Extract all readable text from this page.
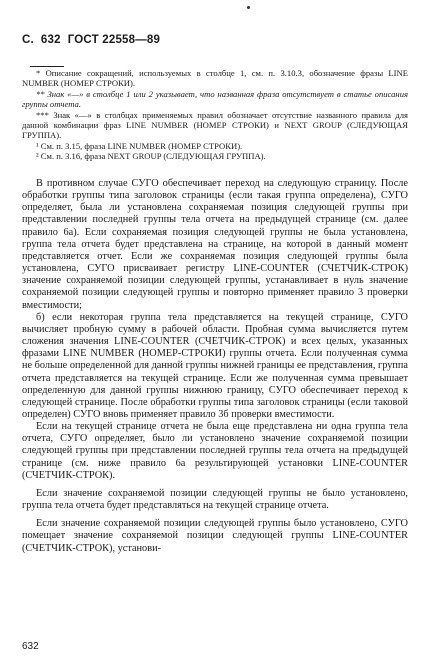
С. 632 ГОСТ 22558—89

* Описание сокращений, используемых в столбце 1, см. п. 3.10.3, обозначение фразы LINE NUMBER (НОМЕР СТРОКИ).

** Знак «—» в столбце 1 или 2 указывает, что названная фраза отсутствует в статье описания группы отчета.

*** Знак «—» в столбцах применяемых правил обозначает отсутствие названного правила для данной комбинации фраз LINE NUMBER (НОМЕР СТРОКИ) и NEXT GROUP (СЛЕДУЮЩАЯ ГРУППА).

¹ См. п. 3.15, фраза LINE NUMBER (НОМЕР СТРОКИ).

² См. п. 3.16, фраза NEXT GROUP (СЛЕДУЮЩАЯ ГРУППА).

В противном случае СУГО обеспечивает переход на следующую страницу. После обработки группы типа заголовок страницы (если такая группа определена), СУГО определяет, была ли установлена сохраняемая позиция следующей группы при представлении последней группы тела отчета на предыдущей странице (см. далее правило 6а). Если сохраняемая позиция следующей группы не была установлена, группа тела отчета будет представлена на странице, на которой в данный момент представляется отчет. Если же сохраняемая позиция следующей группы была установлена, СУГО присваивает регистру LINE-COUNTER (СЧЕТЧИК-СТРОК) значение сохраняемой позиции следующей группы, устанавливает в нуль значение сохраняемой позиции следующей группы и повторно применяет правило 3 проверки вместимости;

б) если некоторая группа тела представляется на текущей странице, СУГО вычисляет пробную сумму в рабочей области. Пробная сумма вычисляется путем сложения значения LINE-COUNTER (СЧЕТЧИК-СТРОК) и всех целых, указанных фразами LINE NUMBER (НОМЕР-СТРОКИ) группы отчета. Если полученная сумма не больше определенной для данной группы нижней границы ее представления, группа отчета представляется на текущей странице. Если же полученная сумма превышает определенную для данной группы нижнюю границу, СУГО обеспечивает переход к следующей странице. После обработки группы типа заголовок страницы (если таковой определен) СУГО вновь применяет правило 3б проверки вместимости.

Если на текущей странице отчета не была еще представлена ни одна группа тела отчета, СУГО определяет, было ли установлено значение сохраняемой позиции следующей группы при представлении последней группы тела отчета на предыдущей странице (см. ниже правило 6а результирующей установки LINE-COUNTER (СЧЕТЧИК-СТРОК).

Если значение сохраняемой позиции следующей группы не было установлено, группа тела отчета будет представляться на текущей странице отчета.

Если значение сохраняемой позиции следующей группы было установлено, СУГО помещает значение сохраняемой позиции следующей группы LINE-COUNTER (СЧЕТЧИК-СТРОК), установи-

632
